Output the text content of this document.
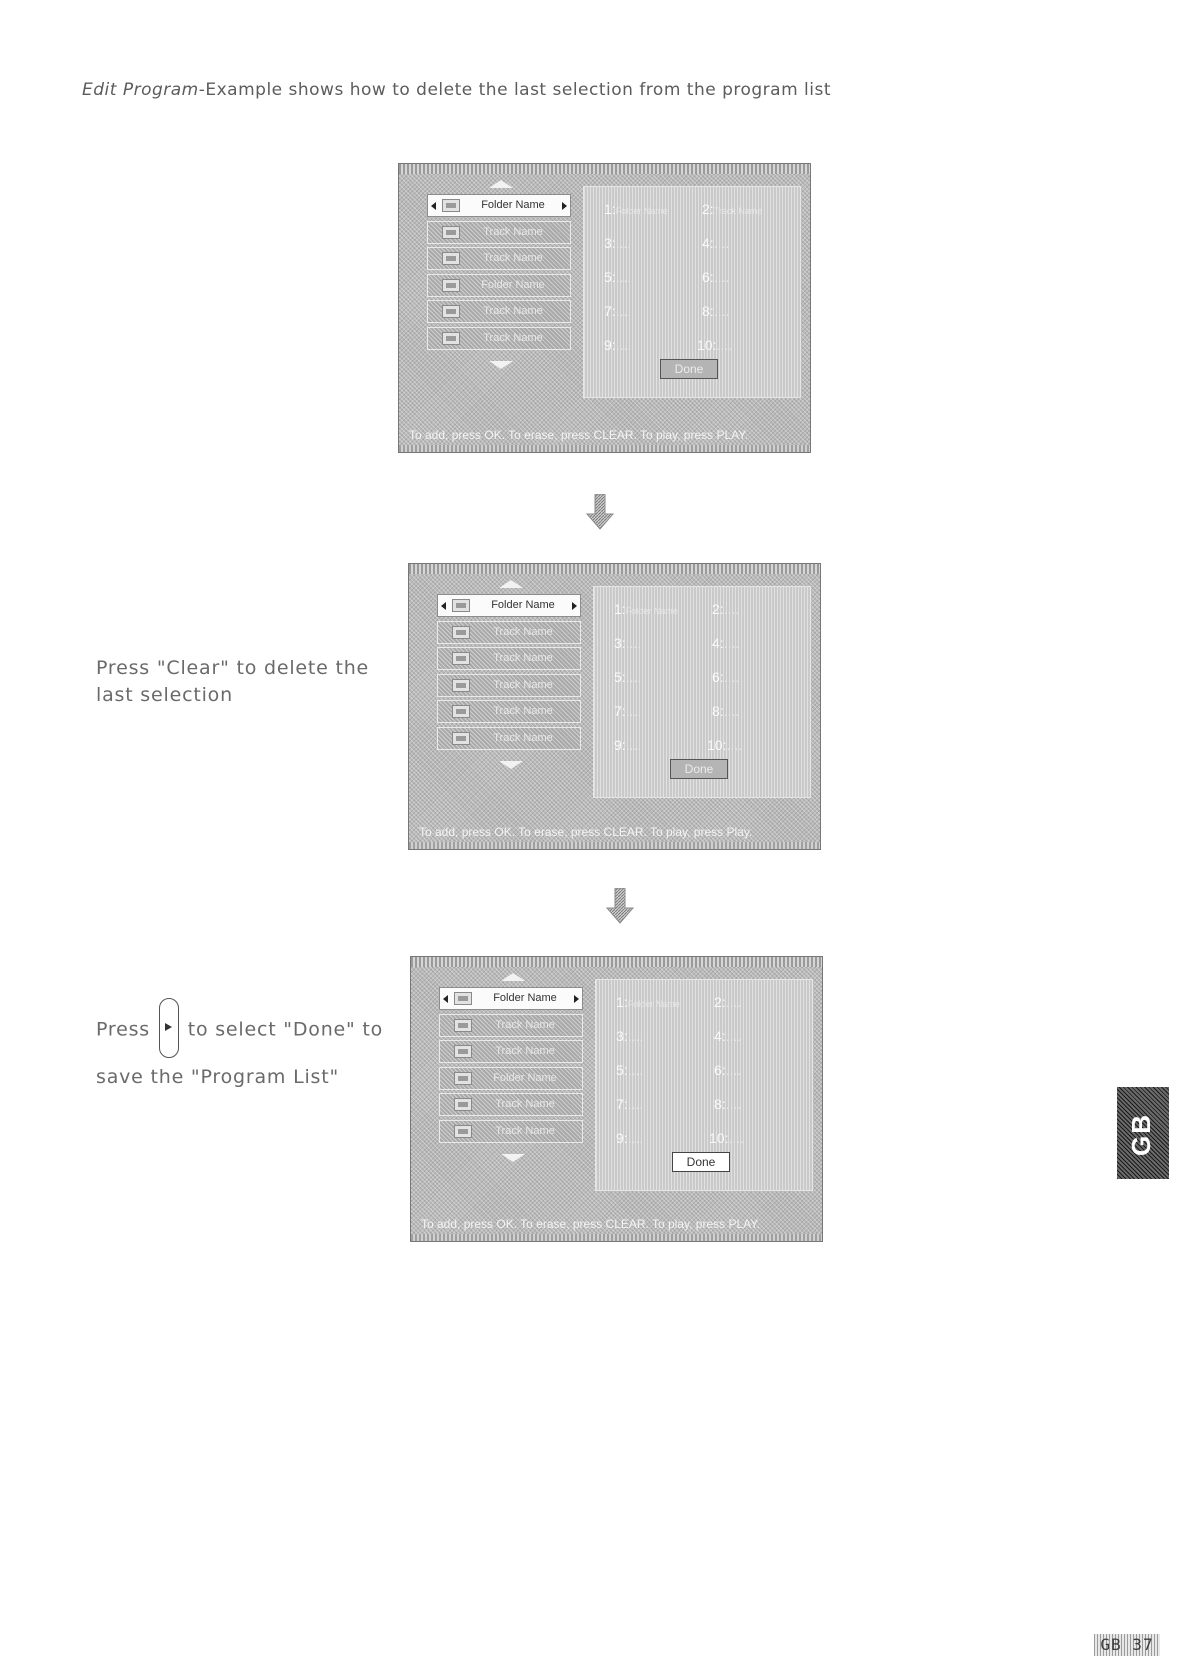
Edit Program-Example shows how to delete the last selection from the program list
Folder Name
Track Name
Track Name
Folder Name
Track Name
Track Name
1:Folder Name 2:Track Name
3:....	4:....
5:....	6:....
7:....	8:....
9:....	10:....
Done
To add, press OK. To erase, press CLEAR. To play, press PLAY.
Press "Clear" to delete the last selection
Folder Name
Track Name
Track Name
Track Name
Track Name
Track Name
1:Folder Name 2:....
3:....	4:....
5:....	6:....
7:....	8:....
9:....	10:....
Done
To add, press OK. To erase, press CLEAR. To play, press Play.
Press to select "Done" to
save the "Program List"
Folder Name
Track Name
Track Name
Folder Name
Track Name
Track Name
1:Folder Name 2:....
3:....	4:....
5:....	6:....
7:....	8:....
9:....	10:....
Done
To add, press OK. To erase, press CLEAR. To play, press PLAY.
GB
GB 37
